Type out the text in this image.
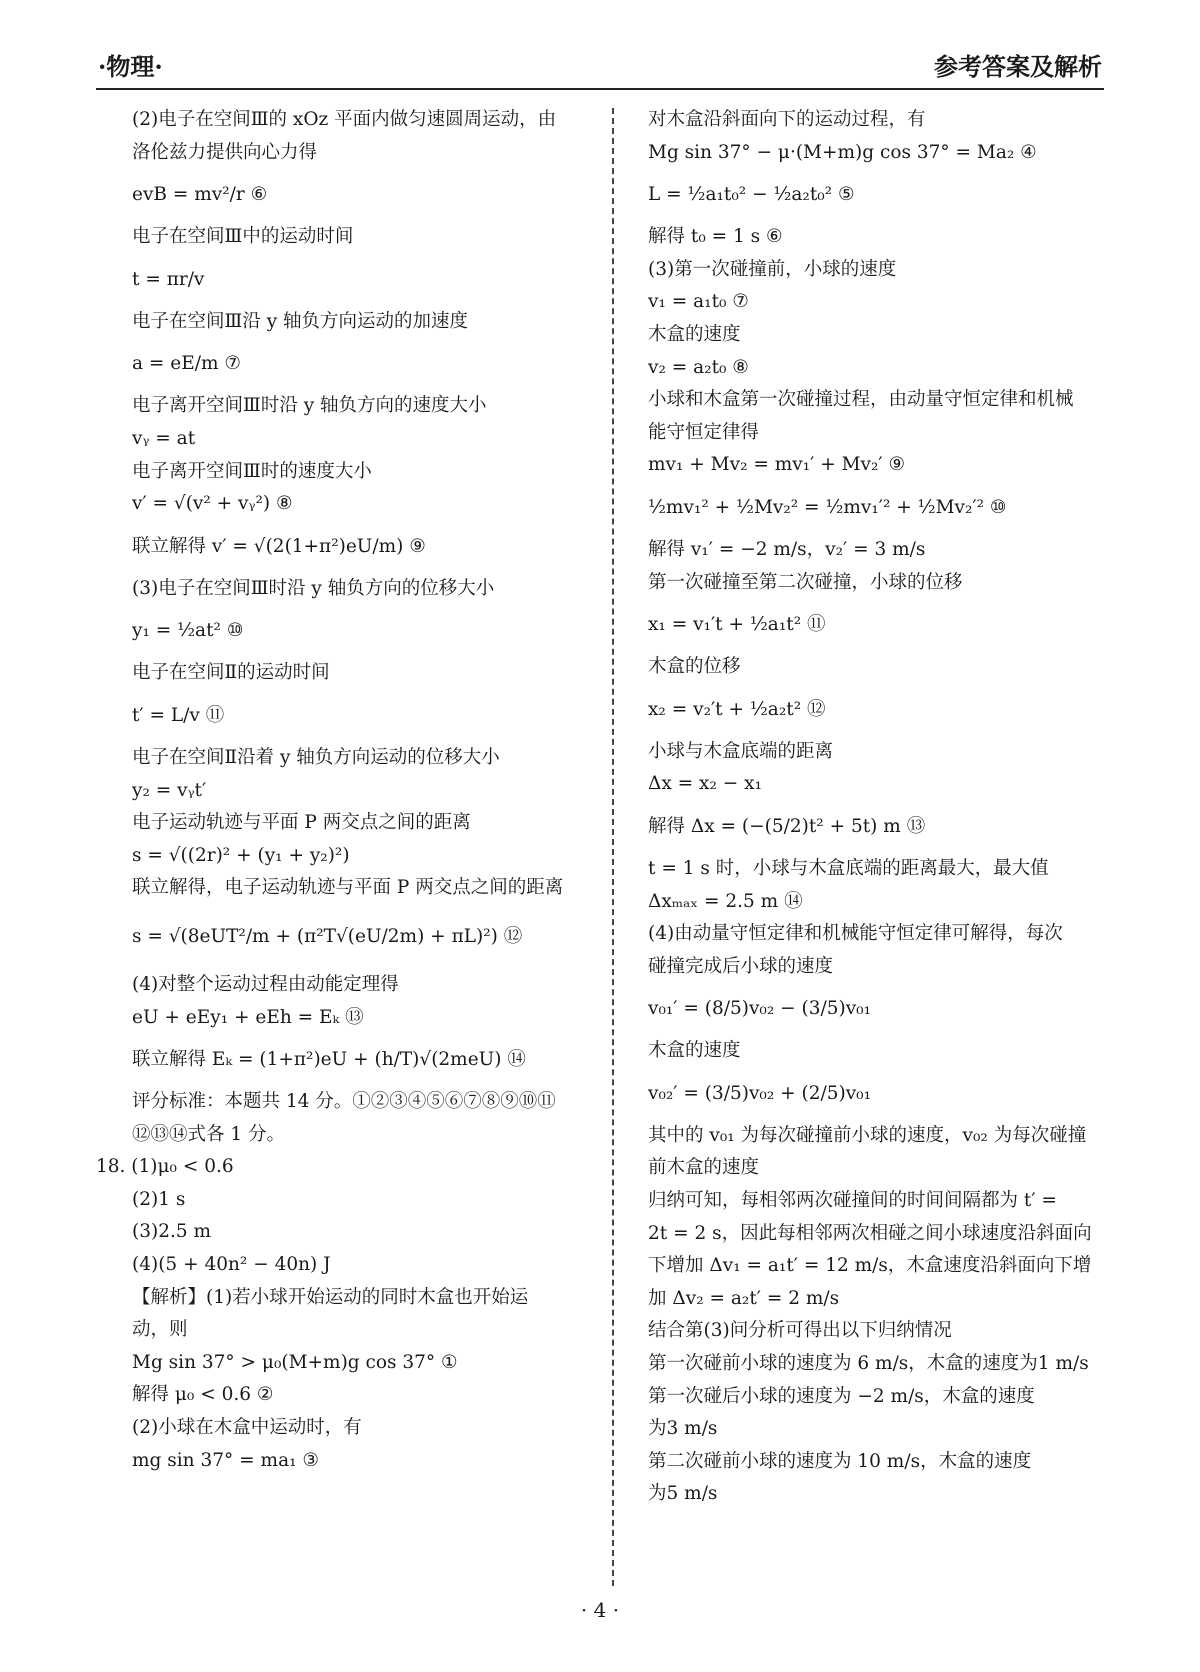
·物理·	参考答案及解析
(2)电子在空间Ⅲ的 xOz 平面内做匀速圆周运动，由
洛伦兹力提供向心力得
evB = mv²/r ⑥
电子在空间Ⅲ中的运动时间
t = πr/v
电子在空间Ⅲ沿 y 轴负方向运动的加速度
a = eE/m ⑦
电子离开空间Ⅲ时沿 y 轴负方向的速度大小
vᵧ = at
电子离开空间Ⅲ时的速度大小
v′ = √(v² + vᵧ²) ⑧
联立解得 v′ = √(2(1+π²)eU/m) ⑨
(3)电子在空间Ⅲ时沿 y 轴负方向的位移大小
y₁ = ½at² ⑩
电子在空间Ⅱ的运动时间
t′ = L/v ⑪
电子在空间Ⅱ沿着 y 轴负方向运动的位移大小
y₂ = vᵧt′
电子运动轨迹与平面 P 两交点之间的距离
s = √((2r)² + (y₁ + y₂)²)
联立解得，电子运动轨迹与平面 P 两交点之间的距离
s = √(8eUT²/m + (π²T√(eU/2m) + πL)²) ⑫
(4)对整个运动过程由动能定理得
eU + eEy₁ + eEh = Eₖ ⑬
联立解得 Eₖ = (1+π²)eU + (h/T)√(2meU) ⑭
评分标准：本题共 14 分。①②③④⑤⑥⑦⑧⑨⑩⑪
⑫⑬⑭式各 1 分。
18. (1)μ₀ < 0.6
(2)1 s
(3)2.5 m
(4)(5 + 40n² − 40n) J
【解析】(1)若小球开始运动的同时木盒也开始运
动，则
Mg sin 37° > μ₀(M+m)g cos 37° ①
解得 μ₀ < 0.6 ②
(2)小球在木盒中运动时，有
mg sin 37° = ma₁ ③
对木盒沿斜面向下的运动过程，有
Mg sin 37° − μ·(M+m)g cos 37° = Ma₂ ④
L = ½a₁t₀² − ½a₂t₀² ⑤
解得 t₀ = 1 s ⑥
(3)第一次碰撞前，小球的速度
v₁ = a₁t₀ ⑦
木盒的速度
v₂ = a₂t₀ ⑧
小球和木盒第一次碰撞过程，由动量守恒定律和机械
能守恒定律得
mv₁ + Mv₂ = mv₁′ + Mv₂′ ⑨
½mv₁² + ½Mv₂² = ½mv₁′² + ½Mv₂′² ⑩
解得 v₁′ = −2 m/s，v₂′ = 3 m/s
第一次碰撞至第二次碰撞，小球的位移
x₁ = v₁′t + ½a₁t² ⑪
木盒的位移
x₂ = v₂′t + ½a₂t² ⑫
小球与木盒底端的距离
Δx = x₂ − x₁
解得 Δx = (−(5/2)t² + 5t) m ⑬
t = 1 s 时，小球与木盒底端的距离最大，最大值
Δxₘₐₓ = 2.5 m ⑭
(4)由动量守恒定律和机械能守恒定律可解得，每次
碰撞完成后小球的速度
v₀₁′ = (8/5)v₀₂ − (3/5)v₀₁
木盒的速度
v₀₂′ = (3/5)v₀₂ + (2/5)v₀₁
其中的 v₀₁ 为每次碰撞前小球的速度，v₀₂ 为每次碰撞
前木盒的速度
归纳可知，每相邻两次碰撞间的时间间隔都为 t′ =
2t = 2 s，因此每相邻两次相碰之间小球速度沿斜面向
下增加 Δv₁ = a₁t′ = 12 m/s，木盒速度沿斜面向下增
加 Δv₂ = a₂t′ = 2 m/s
结合第(3)问分析可得出以下归纳情况
第一次碰前小球的速度为 6 m/s，木盒的速度为1 m/s
第一次碰后小球的速度为 −2 m/s，木盒的速度
为3 m/s
第二次碰前小球的速度为 10 m/s，木盒的速度
为5 m/s
· 4 ·
